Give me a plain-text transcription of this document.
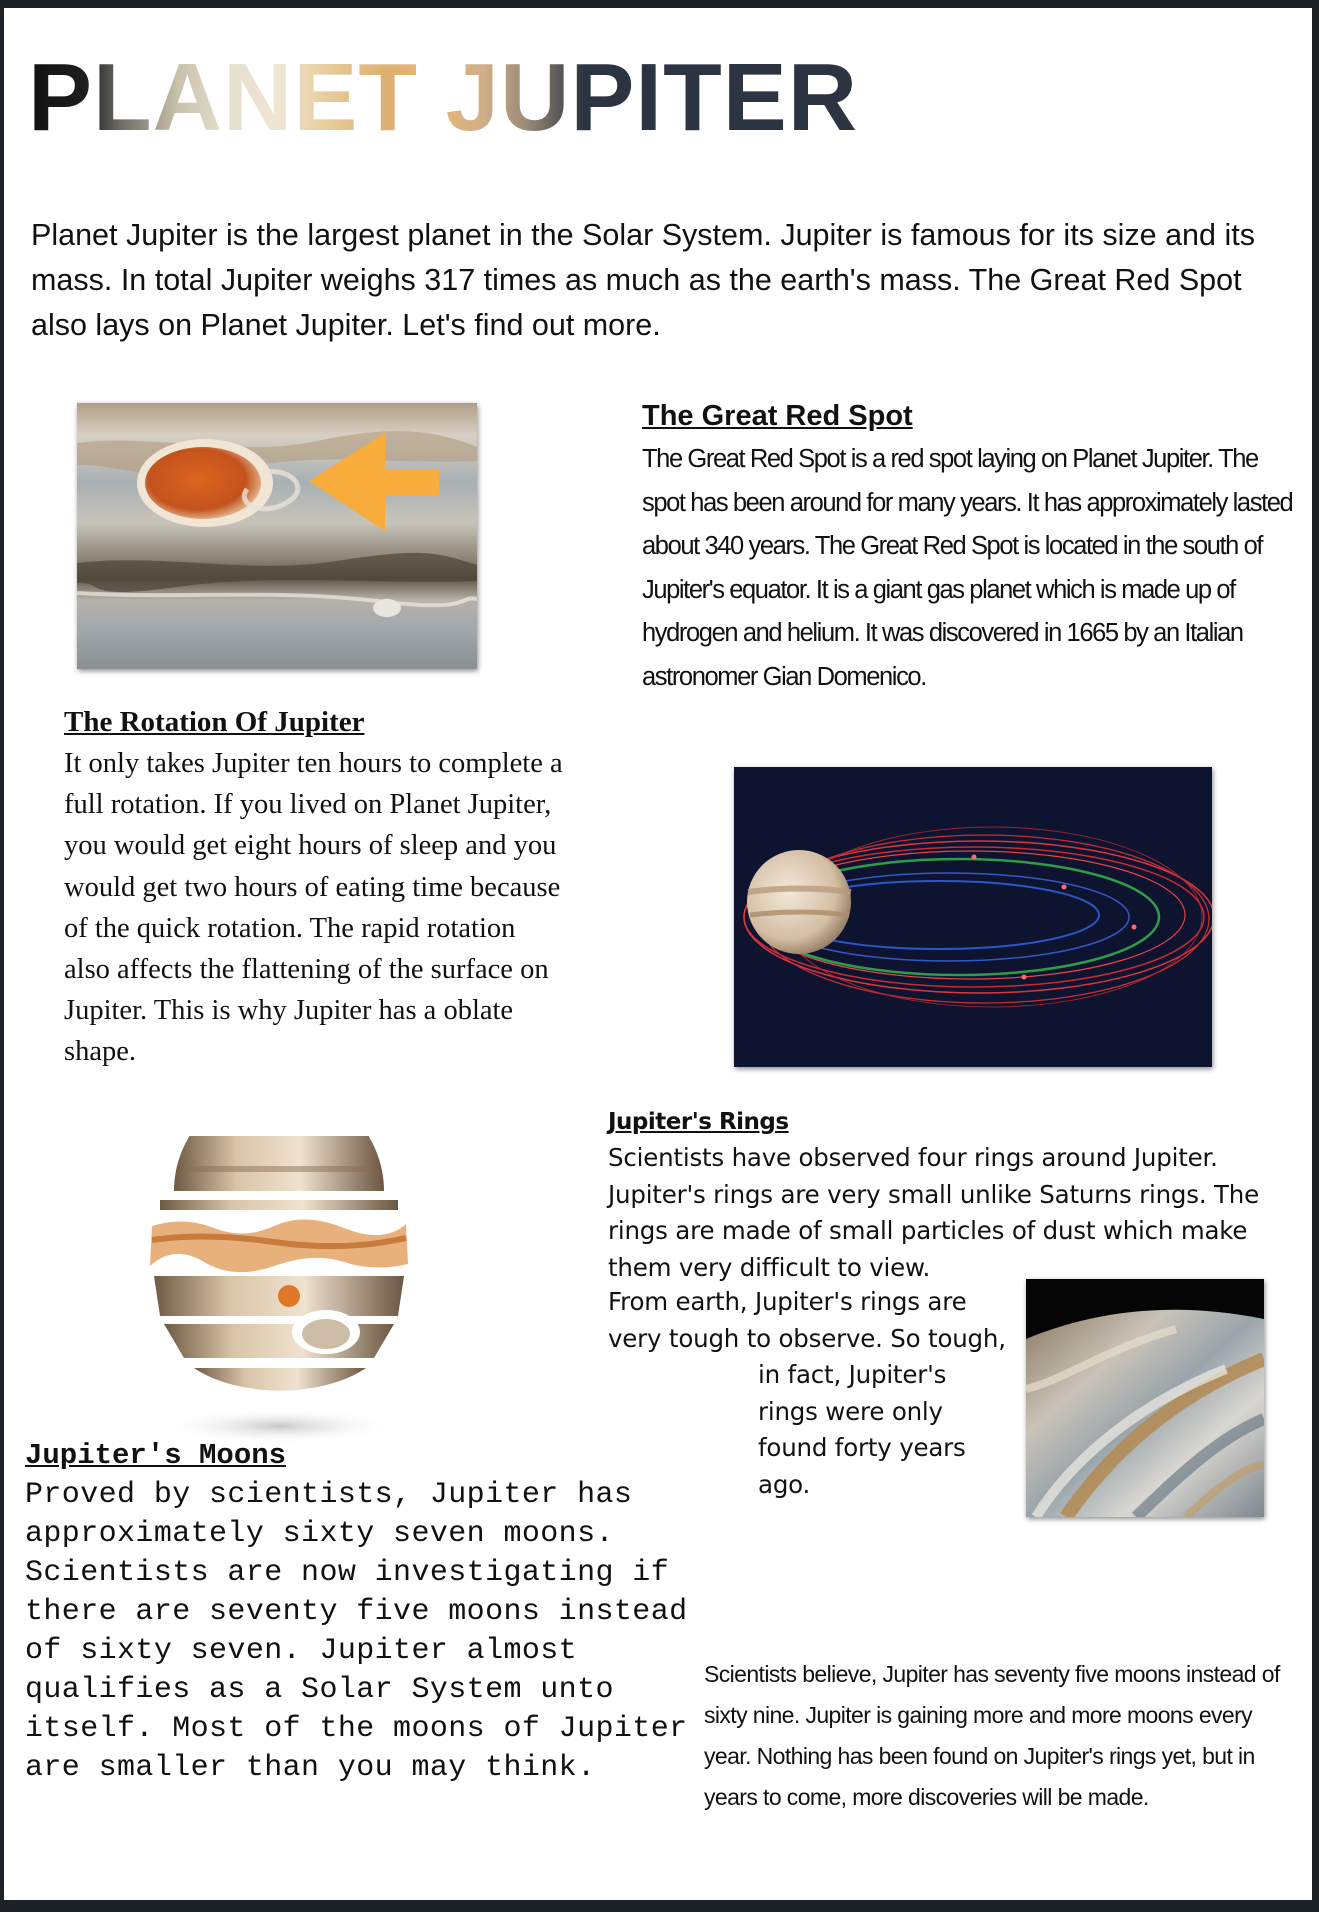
PLANET JUPITER

Planet Jupiter is the largest planet in the Solar System. Jupiter is famous for its size and its mass. In total Jupiter weighs 317 times as much as the earth's mass. The Great Red Spot also lays on Planet Jupiter. Let's find out more.

The Great Red Spot

The Great Red Spot is a red spot laying on Planet Jupiter. The spot has been around for many years. It has approximately lasted about 340 years. The Great Red Spot is located in the south of Jupiter's equator. It is a giant gas planet which is made up of hydrogen and helium. It was discovered in 1665 by an Italian astronomer Gian Domenico.

The Rotation Of Jupiter

It only takes Jupiter ten hours to complete a full rotation. If you lived on Planet Jupiter, you would get eight hours of sleep and you would get two hours of eating time because of the quick rotation. The rapid rotation also affects the flattening of the surface on Jupiter. This is why Jupiter has a oblate shape.

Jupiter's Rings

Scientists have observed four rings around Jupiter. Jupiter's rings are very small unlike Saturns rings. The rings are made of small particles of dust which make them very difficult to view.

From earth, Jupiter's rings are very tough to observe. So tough, in fact, Jupiter's rings were only found forty years ago.

Jupiter's Moons

Proved by scientists, Jupiter has approximately sixty seven moons. Scientists are now investigating if there are seventy five moons instead of sixty seven. Jupiter almost qualifies as a Solar System unto itself. Most of the moons of Jupiter are smaller than you may think.

Scientists believe, Jupiter has seventy five moons instead of sixty nine. Jupiter is gaining more and more moons every year. Nothing has been found on Jupiter's rings yet, but in years to come, more discoveries will be made.
